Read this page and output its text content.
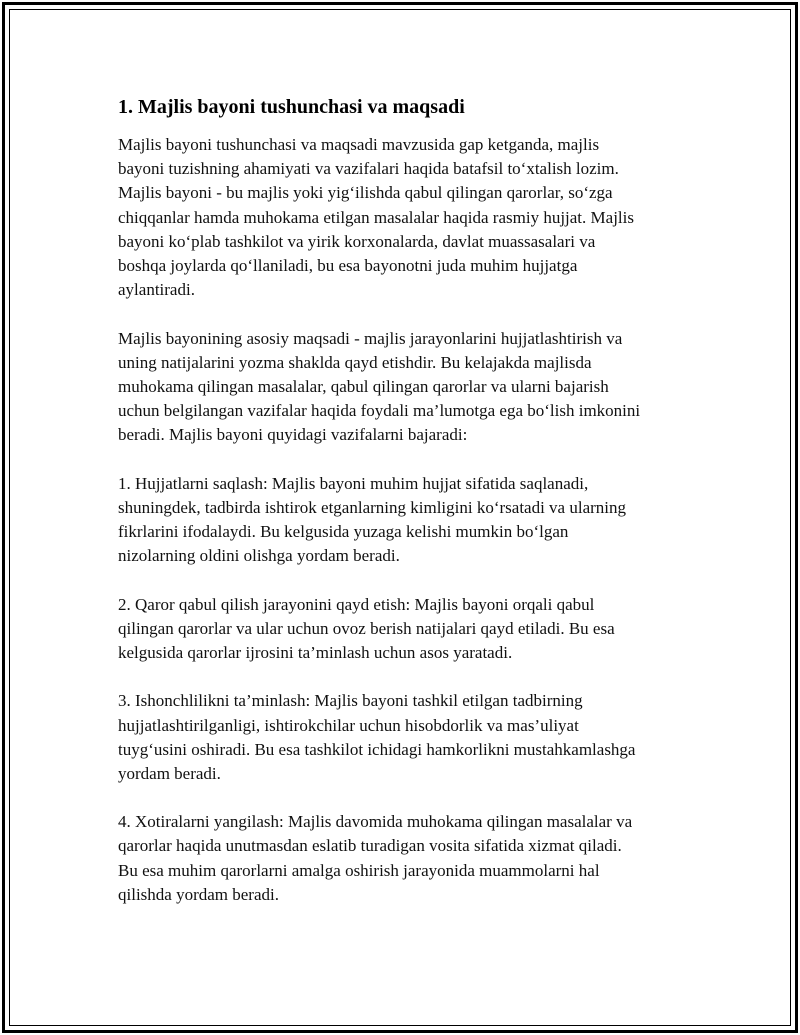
1. Majlis bayoni tushunchasi va maqsadi
Majlis bayoni tushunchasi va maqsadi mavzusida gap ketganda, majlis
bayoni tuzishning ahamiyati va vazifalari haqida batafsil to‘xtalish lozim.
Majlis bayoni - bu majlis yoki yig‘ilishda qabul qilingan qarorlar, so‘zga
chiqqanlar hamda muhokama etilgan masalalar haqida rasmiy hujjat. Majlis
bayoni ko‘plab tashkilot va yirik korxonalarda, davlat muassasalari va
boshqa joylarda qo‘llaniladi, bu esa bayonotni juda muhim hujjatga
aylantiradi.
Majlis bayonining asosiy maqsadi - majlis jarayonlarini hujjatlashtirish va
uning natijalarini yozma shaklda qayd etishdir. Bu kelajakda majlisda
muhokama qilingan masalalar, qabul qilingan qarorlar va ularni bajarish
uchun belgilangan vazifalar haqida foydali ma’lumotga ega bo‘lish imkonini
beradi. Majlis bayoni quyidagi vazifalarni bajaradi:
1. Hujjatlarni saqlash: Majlis bayoni muhim hujjat sifatida saqlanadi,
shuningdek, tadbirda ishtirok etganlarning kimligini ko‘rsatadi va ularning
fikrlarini ifodalaydi. Bu kelgusida yuzaga kelishi mumkin bo‘lgan
nizolarning oldini olishga yordam beradi.
2. Qaror qabul qilish jarayonini qayd etish: Majlis bayoni orqali qabul
qilingan qarorlar va ular uchun ovoz berish natijalari qayd etiladi. Bu esa
kelgusida qarorlar ijrosini ta’minlash uchun asos yaratadi.
3. Ishonchlilikni ta’minlash: Majlis bayoni tashkil etilgan tadbirning
hujjatlashtirilganligi, ishtirokchilar uchun hisobdorlik va mas’uliyat
tuyg‘usini oshiradi. Bu esa tashkilot ichidagi hamkorlikni mustahkamlashga
yordam beradi.
4. Xotiralarni yangilash: Majlis davomida muhokama qilingan masalalar va
qarorlar haqida unutmasdan eslatib turadigan vosita sifatida xizmat qiladi.
Bu esa muhim qarorlarni amalga oshirish jarayonida muammolarni hal
qilishda yordam beradi.
